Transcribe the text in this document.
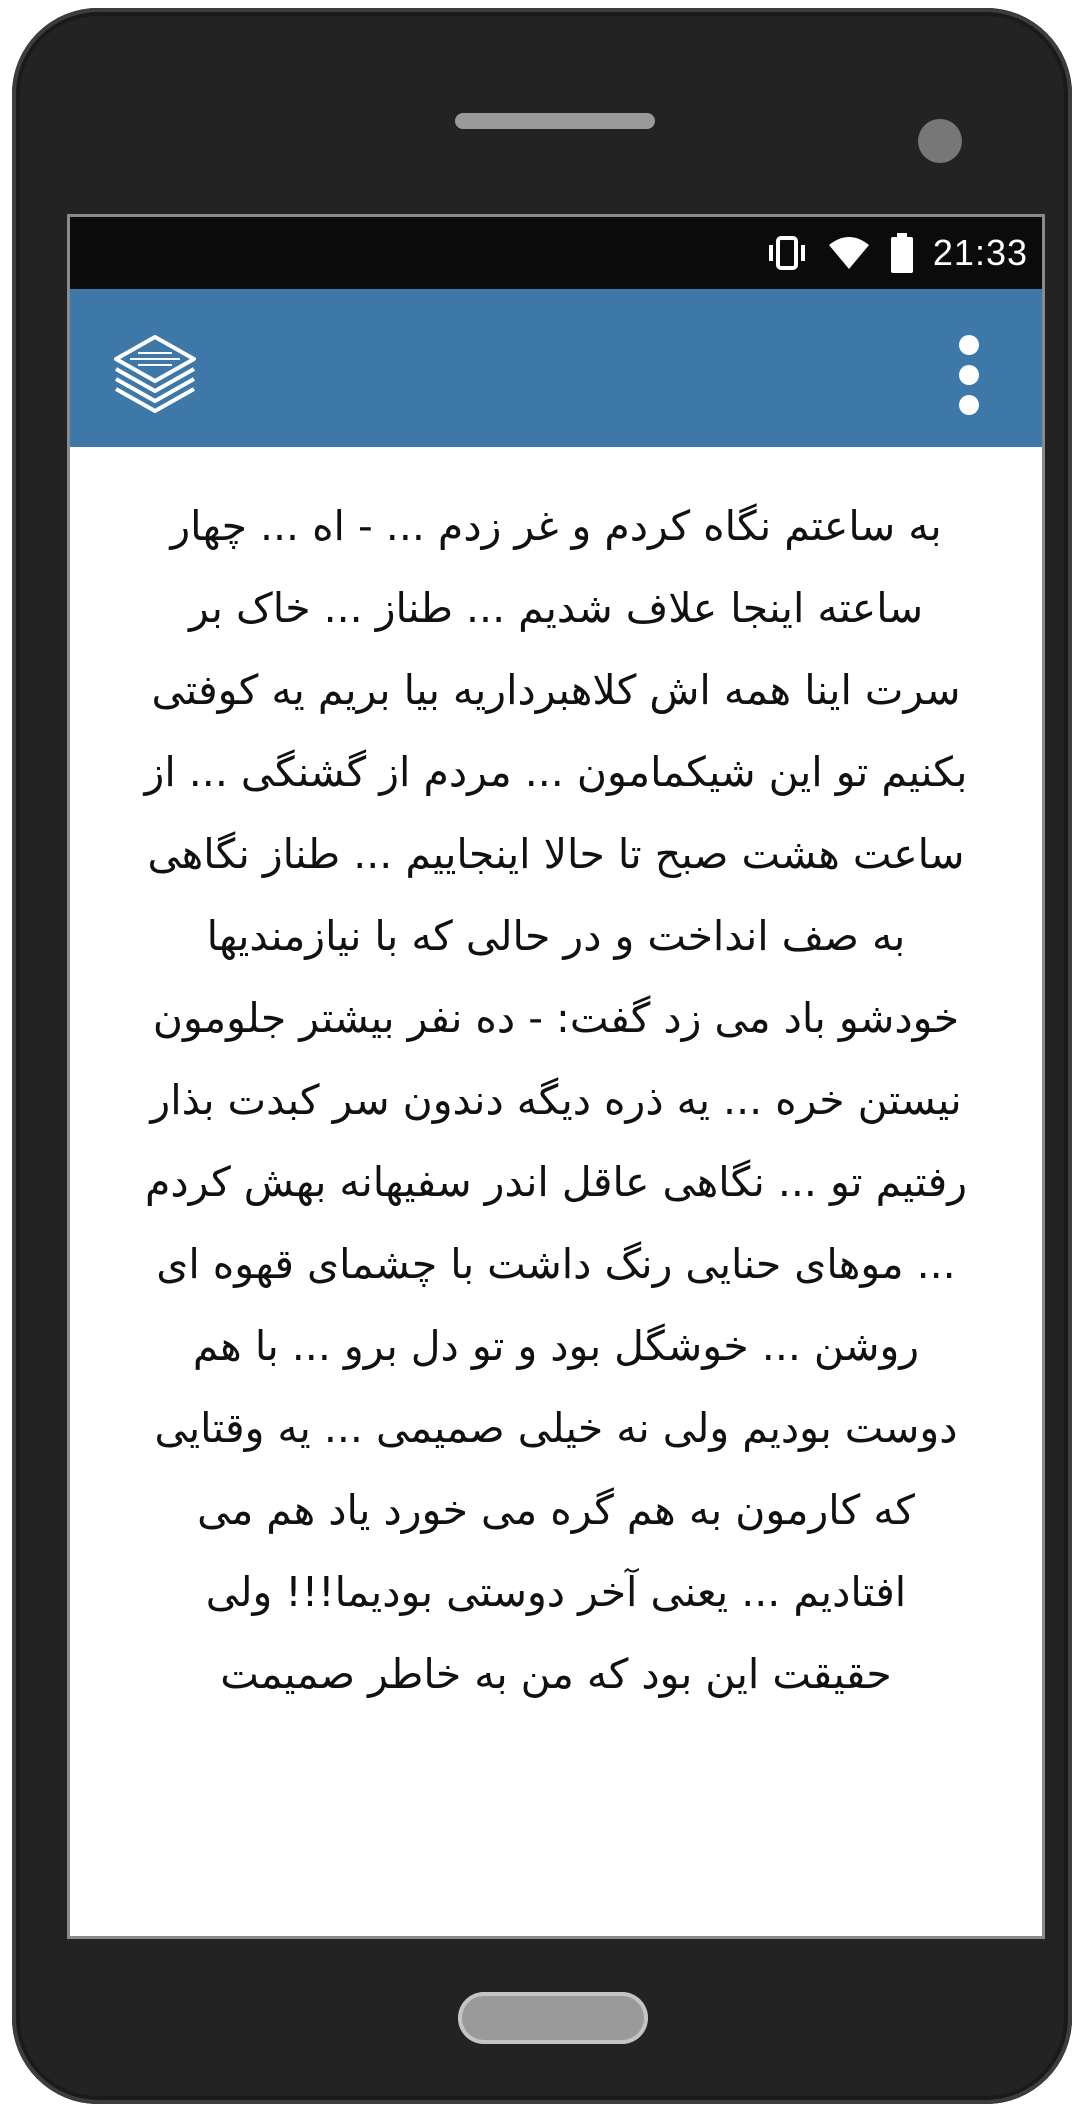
21:33
به ساعتم نگاه کردم و غر زدم ... - اه ... چهار ساعته اینجا علاف شدیم ... طناز ... خاک بر سرت اینا همه اش کلاهبرداریه بیا بریم یه کوفتی بکنیم تو این شیکمامون ... مردم از گشنگی ... از ساعت هشت صبح تا حالا اینجاییم ... طناز نگاهی به صف انداخت و در حالی که با نیازمندیها خودشو باد می زد گفت: - ده نفر بیشتر جلومون نیستن خره ... یه ذره دیگه دندون سر کبدت بذار رفتیم تو ... نگاهی عاقل اندر سفیهانه بهش کردم ... موهای حنایی رنگ داشت با چشمای قهوه ای روشن ... خوشگل بود و تو دل برو ... با هم دوست بودیم ولی نه خیلی صمیمی ... یه وقتایی که کارمون به هم گره می خورد یاد هم می افتادیم ... یعنی آخر دوستی بودیما!!! ولی حقیقت این بود که من به خاطر صمیمت
